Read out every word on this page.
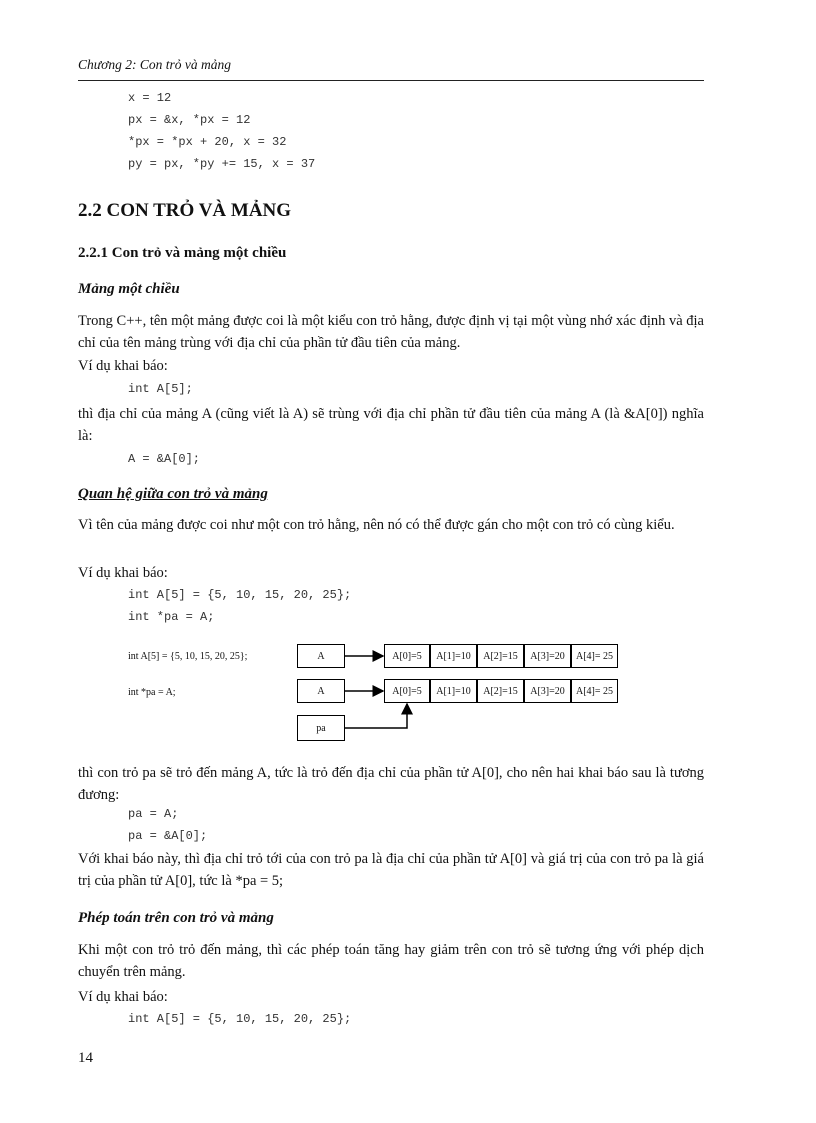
Chương 2: Con trỏ và mảng
x = 12
px = &x, *px = 12
*px = *px + 20, x = 32
py = px, *py += 15, x = 37
2.2 CON TRỎ VÀ MẢNG
2.2.1 Con trỏ và mảng một chiều
Mảng một chiều
Trong C++, tên một mảng được coi là một kiểu con trỏ hằng, được định vị tại một vùng nhớ xác định và địa chỉ của tên mảng trùng với địa chỉ của phần tử đầu tiên của mảng.
Ví dụ khai báo:
int A[5];
thì địa chỉ của mảng A (cũng viết là A) sẽ trùng với địa chỉ phần tử đầu tiên của mảng A (là &A[0]) nghĩa là:
A = &A[0];
Quan hệ giữa con trỏ và mảng
Vì tên của mảng được coi như một con trỏ hằng, nên nó có thể được gán cho một con trỏ có cùng kiểu.
Ví dụ khai báo:
int A[5] = {5, 10, 15, 20, 25};
int *pa = A;
int A[5] = {5, 10, 15, 20, 25};
int *pa = A;
A	A[0]=5	A[1]=10	A[2]=15	A[3]=20	A[4]= 25
A	A[0]=5	A[1]=10	A[2]=15	A[3]=20	A[4]= 25
pa
thì con trỏ pa sẽ trỏ đến mảng A, tức là trỏ đến địa chỉ của phần tử A[0], cho nên hai khai báo sau là tương đương:
pa = A;
pa = &A[0];
Với khai báo này, thì địa chỉ trỏ tới của con trỏ pa là địa chỉ của phần tử A[0] và giá trị của con trỏ pa là giá trị của phần tử A[0], tức là *pa = 5;
Phép toán trên con trỏ và mảng
Khi một con trỏ trỏ đến mảng, thì các phép toán tăng hay giảm trên con trỏ sẽ tương ứng với phép dịch chuyển trên mảng.
Ví dụ khai báo:
int A[5] = {5, 10, 15, 20, 25};
14
